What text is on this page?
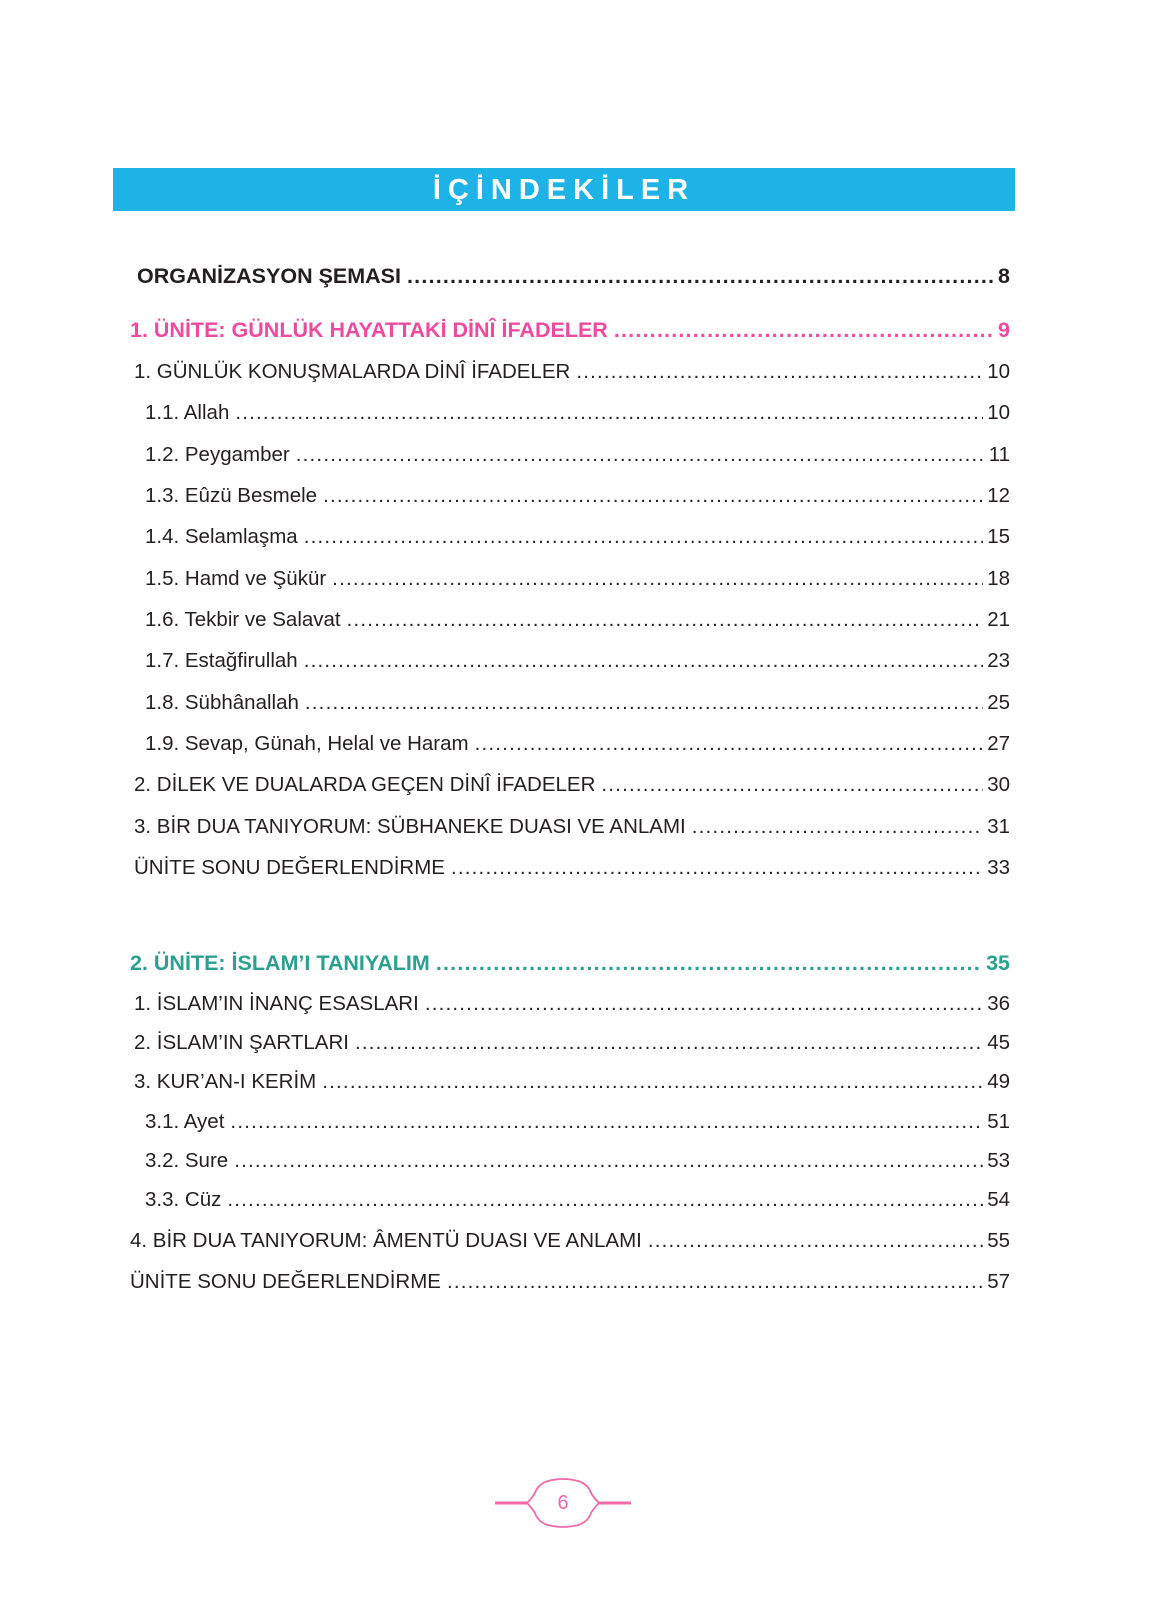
İÇİNDEKİLER
ORGANİZASYON ŞEMASI .....	8
1. ÜNİTE: GÜNLÜK HAYATTAKİ DİNÎ İFADELER .....	9
1. GÜNLÜK KONUŞMALARDA DİNÎ İFADELER .....	10
1.1. Allah .....	10
1.2. Peygamber .....	11
1.3. Eûzü Besmele .....	12
1.4. Selamlaşma .....	15
1.5. Hamd ve Şükür .....	18
1.6. Tekbir ve Salavat .....	21
1.7. Estağfirullah .....	23
1.8. Sübhânallah .....	25
1.9. Sevap, Günah, Helal ve Haram .....	27
2. DİLEK VE DUALARDA GEÇEN DİNÎ İFADELER .....	30
3. BİR DUA TANIYORUM: SÜBHANEKE DUASI VE ANLAMI .....	31
ÜNİTE SONU DEĞERLENDİRME .....	33
2. ÜNİTE: İSLAM’I TANIYALIM .....	35
1. İSLAM’IN İNANÇ ESASLARI .....	36
2. İSLAM’IN ŞARTLARI .....	45
3. KUR’AN-I KERİM .....	49
3.1. Ayet .....	51
3.2. Sure .....	53
3.3. Cüz .....	54
4. BİR DUA TANIYORUM: ÂMENTÜ DUASI VE ANLAMI .....	55
ÜNİTE SONU DEĞERLENDİRME .....	57
6
